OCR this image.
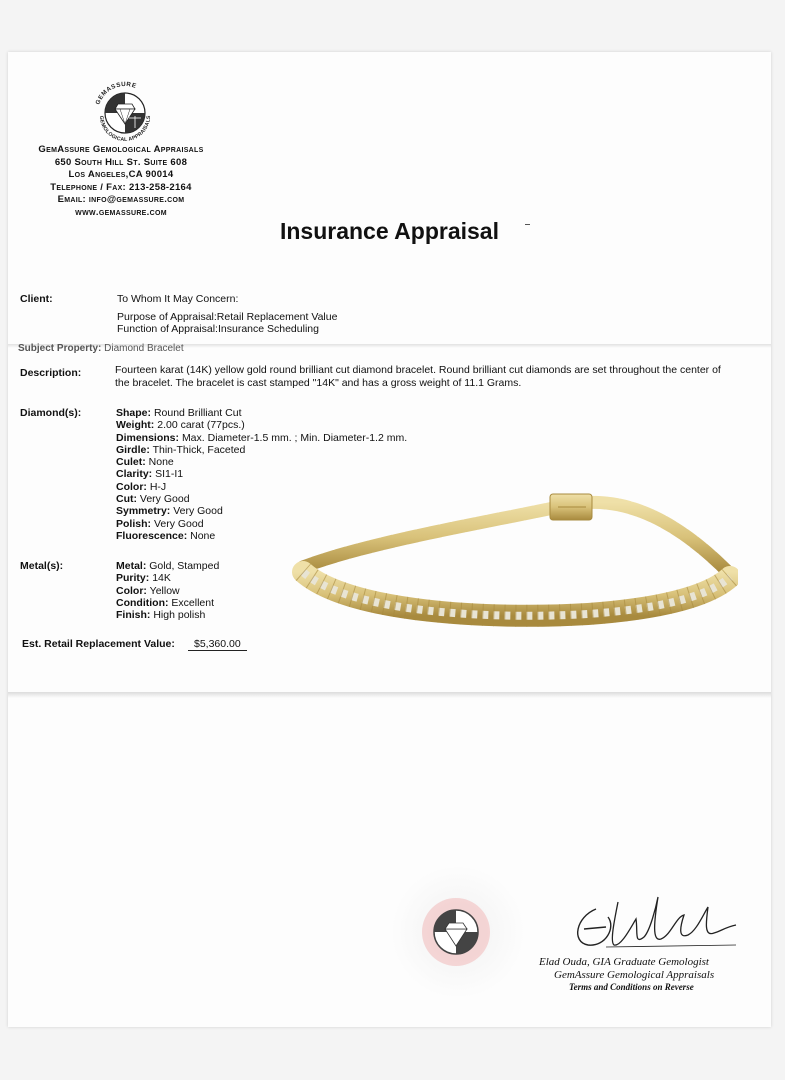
GEMASSURE
GEMOLOGICAL APPRAISALS
GemAssure Gemological Appraisals
650 South Hill St. Suite 608
Los Angeles,CA 90014
Telephone / Fax: 213-258-2164
Email: info@gemassure.com
www.gemassure.com
Insurance Appraisal
Client:	To Whom It May Concern:
Purpose of Appraisal:Retail Replacement Value
Function of Appraisal:Insurance Scheduling
Subject Property: Diamond Bracelet
Description:	Fourteen karat (14K) yellow gold round brilliant cut diamond bracelet. Round brilliant cut diamonds are set throughout the center of the bracelet. The bracelet is cast stamped "14K" and has a gross weight of 11.1 Grams.
Diamond(s):	Shape: Round Brilliant Cut
Weight: 2.00 carat (77pcs.)
Dimensions: Max. Diameter-1.5 mm. ; Min. Diameter-1.2 mm.
Girdle: Thin-Thick, Faceted
Culet: None
Clarity: SI1-I1
Color: H-J
Cut: Very Good
Symmetry: Very Good
Polish: Very Good
Fluorescence: None
Metal(s):	Metal: Gold, Stamped
Purity: 14K
Color: Yellow
Condition: Excellent
Finish: High polish
Est. Retail Replacement Value:	$5,360.00
Elad Ouda, GIA Graduate Gemologist
GemAssure Gemological Appraisals
Terms and Conditions on Reverse
